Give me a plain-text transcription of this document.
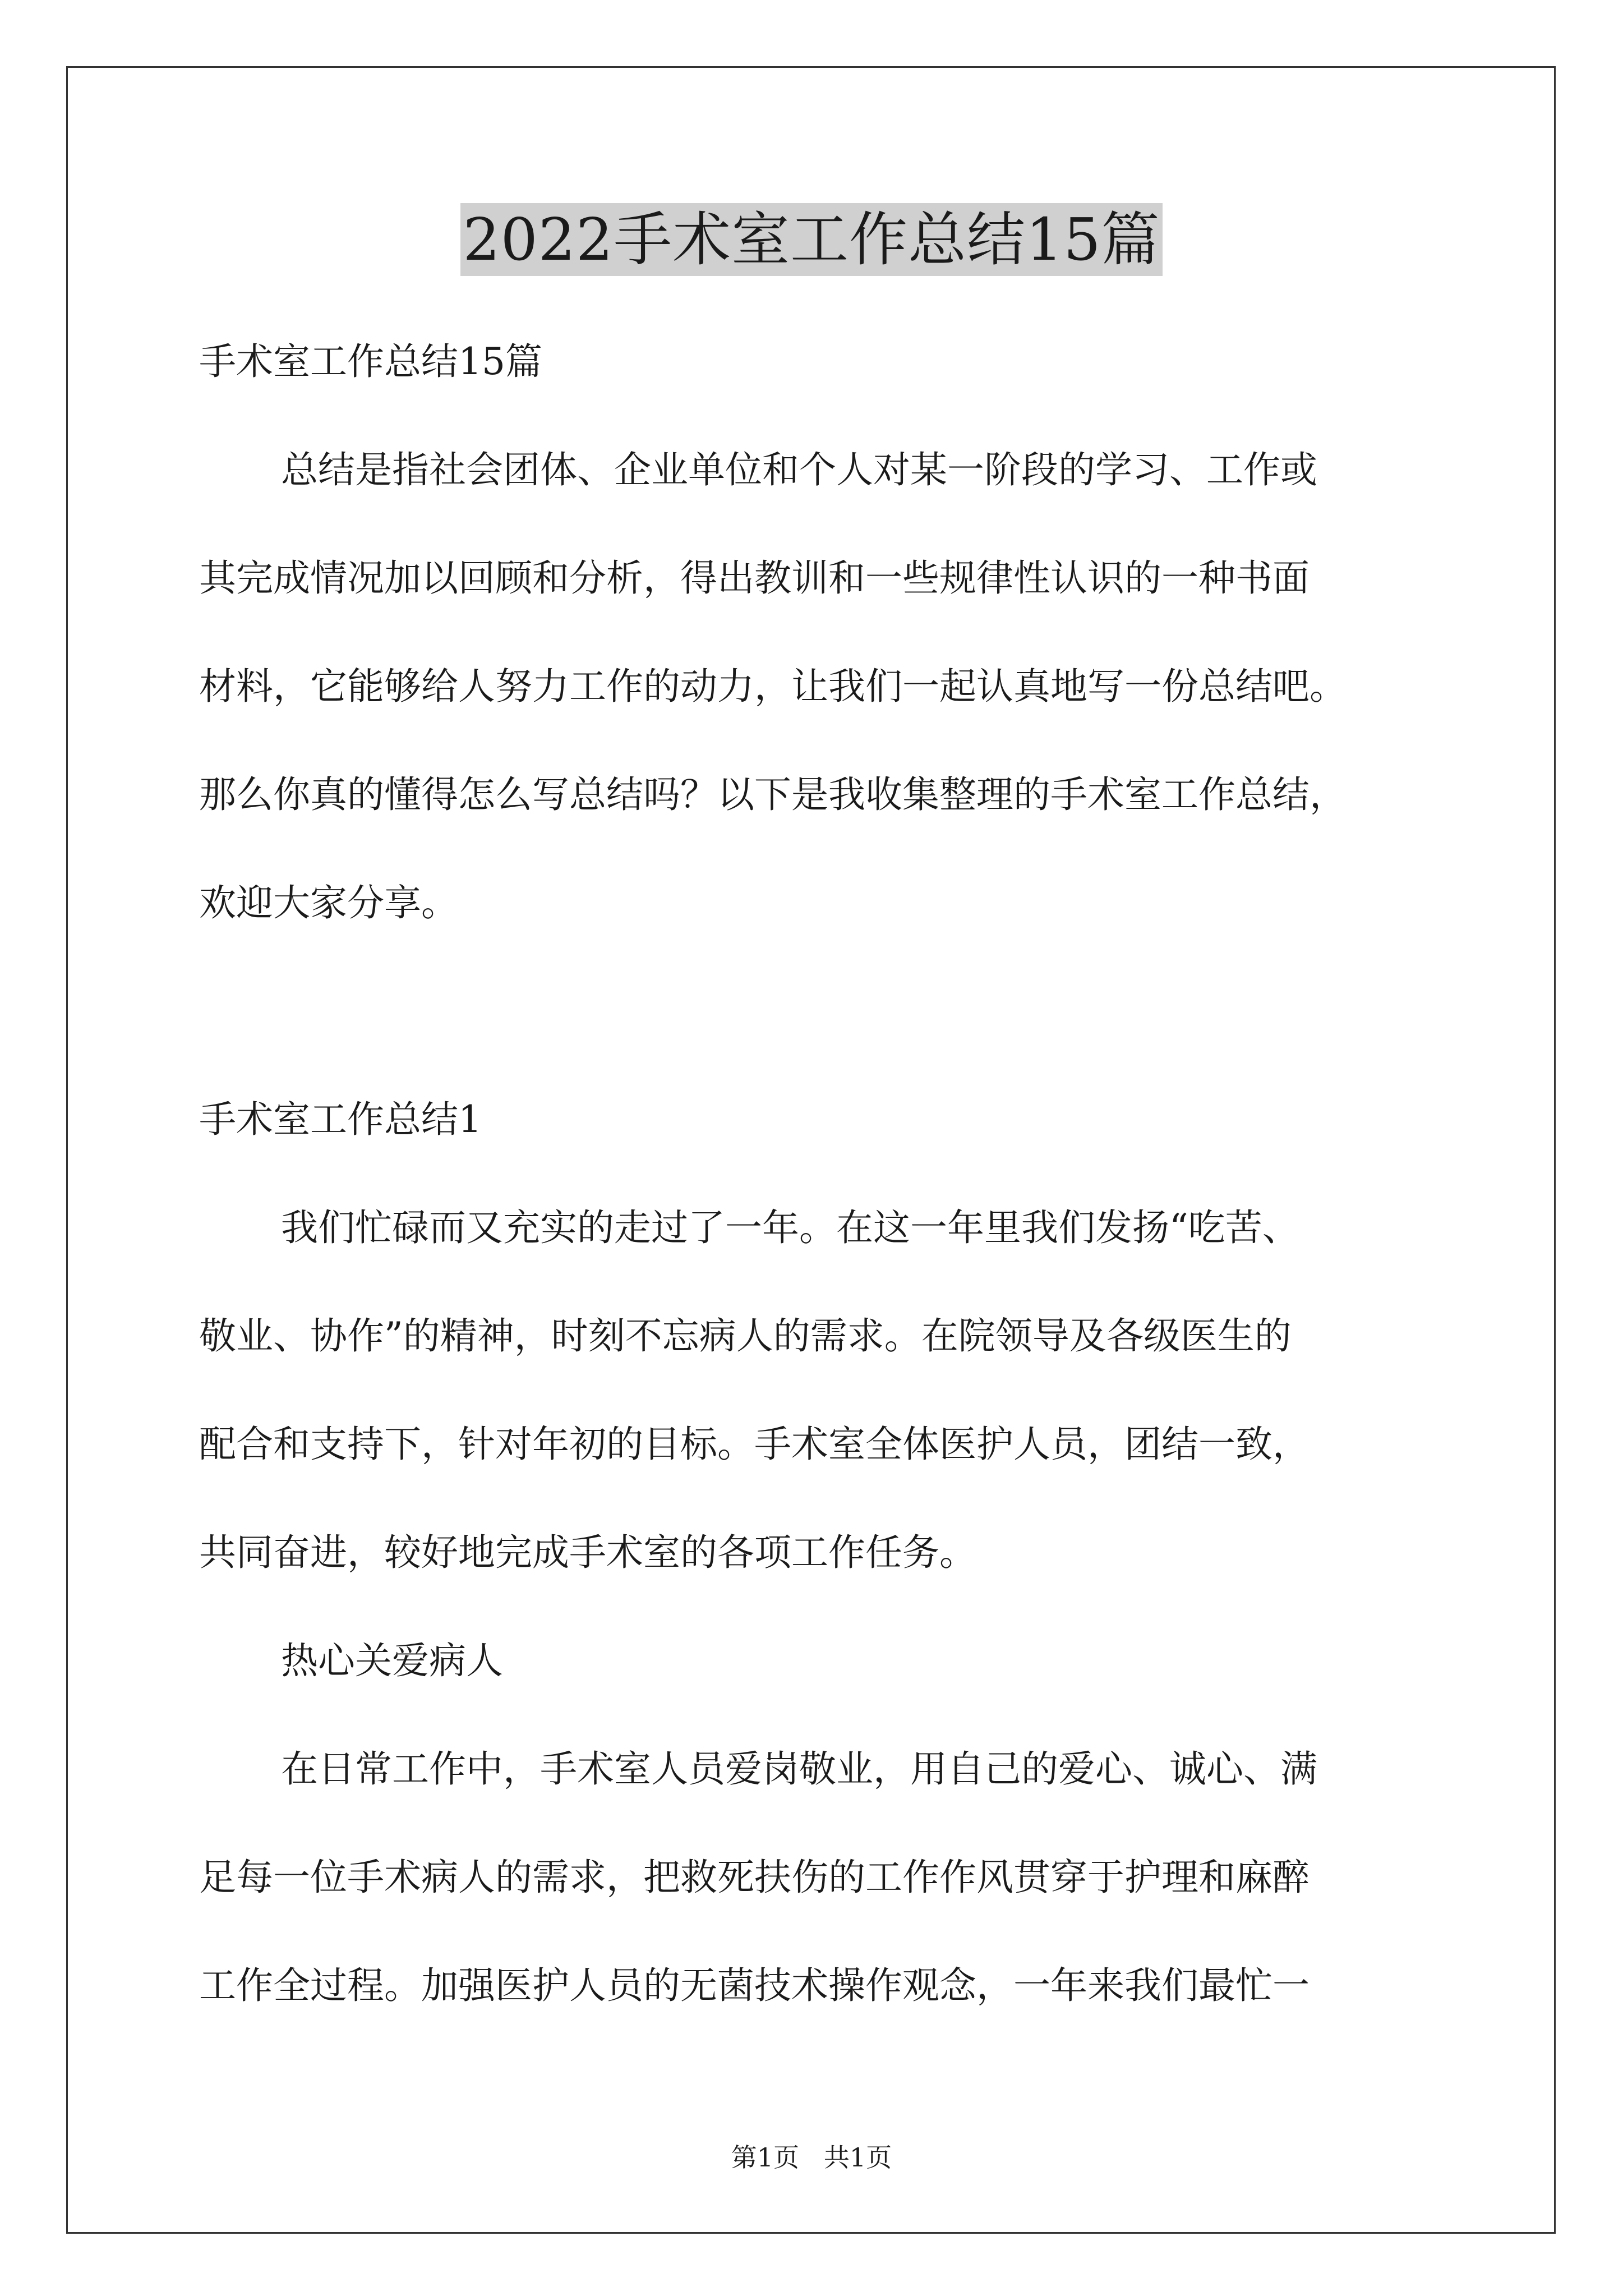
2022手术室工作总结15篇
手术室工作总结15篇
总结是指社会团体、企业单位和个人对某一阶段的学习、工作或
其完成情况加以回顾和分析，得出教训和一些规律性认识的一种书面
材料，它能够给人努力工作的动力，让我们一起认真地写一份总结吧。
那么你真的懂得怎么写总结吗？以下是我收集整理的手术室工作总结，
欢迎大家分享。
手术室工作总结1
我们忙碌而又充实的走过了一年。在这一年里我们发扬“吃苦、
敬业、协作”的精神，时刻不忘病人的需求。在院领导及各级医生的
配合和支持下，针对年初的目标。手术室全体医护人员，团结一致，
共同奋进，较好地完成手术室的各项工作任务。
热心关爱病人
在日常工作中，手术室人员爱岗敬业，用自己的爱心、诚心、满
足每一位手术病人的需求，把救死扶伤的工作作风贯穿于护理和麻醉
工作全过程。加强医护人员的无菌技术操作观念，一年来我们最忙一
第1页   共1页
